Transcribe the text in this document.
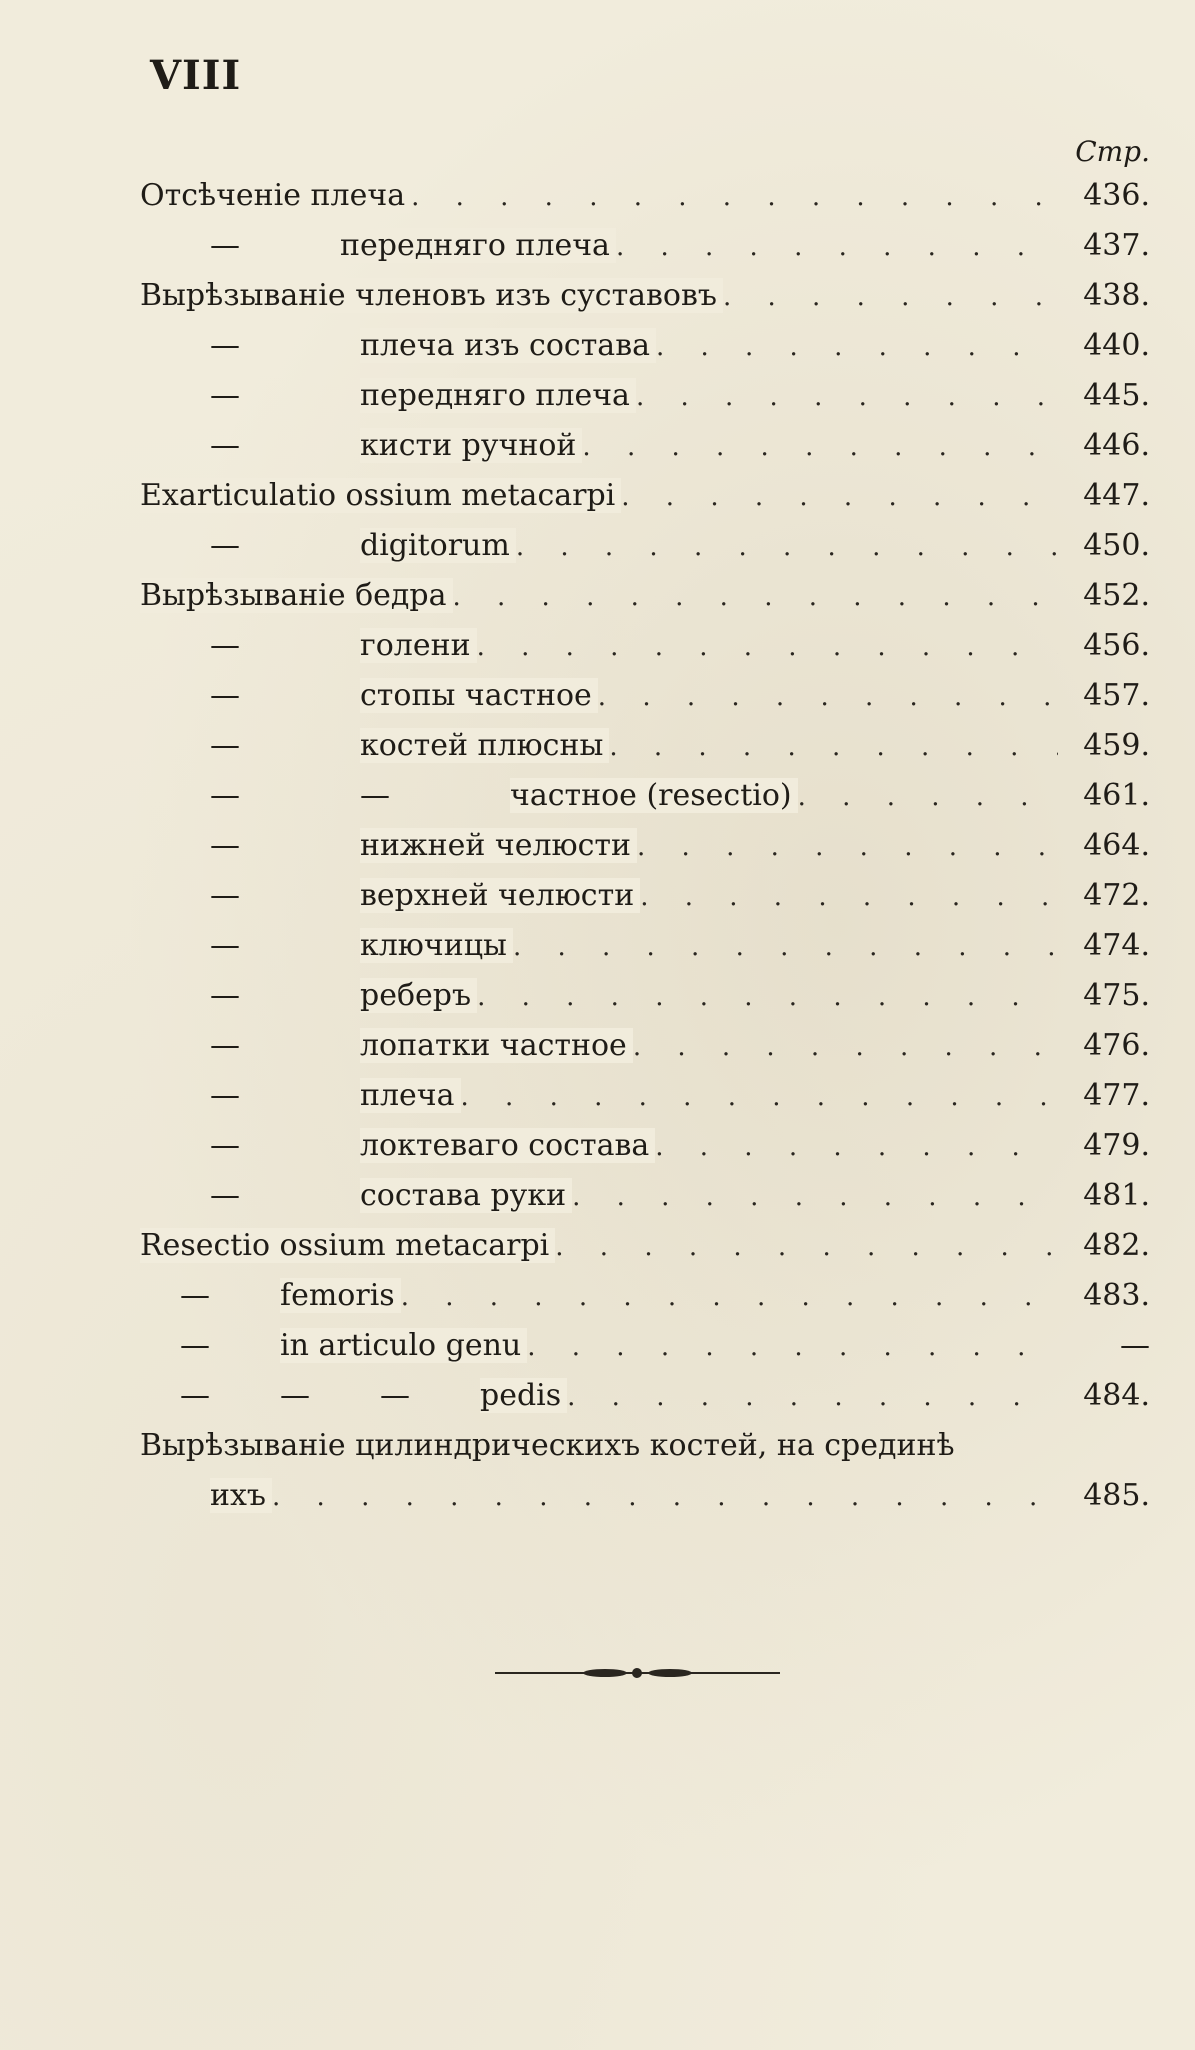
VIII
Стр.
Отсѣченіе плеча . . .	436.
—	передняго плеча . . .	437.
Вырѣзываніе членовъ изъ суставовъ . . .	438.
—	плеча изъ состава . . .	440.
—	передняго плеча . . .	445.
—	кисти ручной . . .	446.
Exarticulatio ossium metacarpi . . .	447.
—	digitorum . . .	450.
Вырѣзываніе бедра . . .	452.
—	голени . . .	456.
—	стопы частное . . .	457.
—	костей плюсны . . .	459.
—	—	частное (resectio) . . .	461.
—	нижней челюсти . . .	464.
—	верхней челюсти . . .	472.
—	ключицы . . .	474.
—	реберъ . . .	475.
—	лопатки частное . . .	476.
—	плеча . . .	477.
—	локтеваго состава . . .	479.
—	состава руки . . .	481.
Resectio ossium metacarpi . . .	482.
—	femoris . . .	483.
—	in articulo genu . . .	—
—	—	—	pedis . . .	484.
Вырѣзываніе цилиндрическихъ костей, на срединѣ
ихъ . . .	485.
